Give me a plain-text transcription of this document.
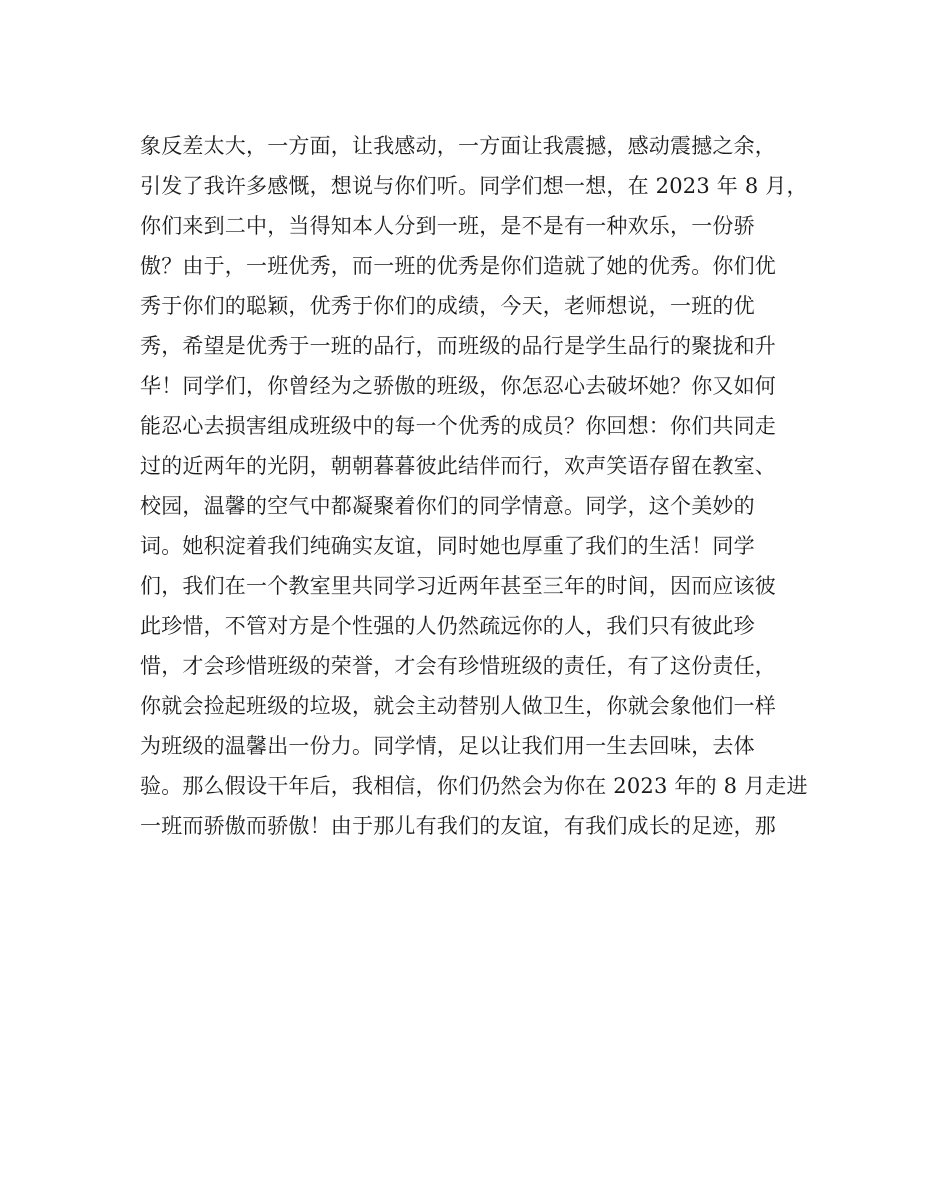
象反差太大，一方面，让我感动，一方面让我震撼，感动震撼之余，
引发了我许多感慨，想说与你们听。同学们想一想，在 2023 年 8 月，
你们来到二中，当得知本人分到一班，是不是有一种欢乐，一份骄
傲？由于，一班优秀，而一班的优秀是你们造就了她的优秀。你们优
秀于你们的聪颖，优秀于你们的成绩，今天，老师想说，一班的优
秀，希望是优秀于一班的品行，而班级的品行是学生品行的聚拢和升
华！同学们，你曾经为之骄傲的班级，你怎忍心去破坏她？你又如何
能忍心去损害组成班级中的每一个优秀的成员？你回想：你们共同走
过的近两年的光阴，朝朝暮暮彼此结伴而行，欢声笑语存留在教室、
校园，温馨的空气中都凝聚着你们的同学情意。同学，这个美妙的
词。她积淀着我们纯确实友谊，同时她也厚重了我们的生活！同学
们，我们在一个教室里共同学习近两年甚至三年的时间，因而应该彼
此珍惜，不管对方是个性强的人仍然疏远你的人，我们只有彼此珍
惜，才会珍惜班级的荣誉，才会有珍惜班级的责任，有了这份责任，
你就会捡起班级的垃圾，就会主动替别人做卫生，你就会象他们一样
为班级的温馨出一份力。同学情，足以让我们用一生去回味，去体
验。那么假设干年后，我相信，你们仍然会为你在 2023 年的 8 月走进
一班而骄傲而骄傲！由于那儿有我们的友谊，有我们成长的足迹，那
